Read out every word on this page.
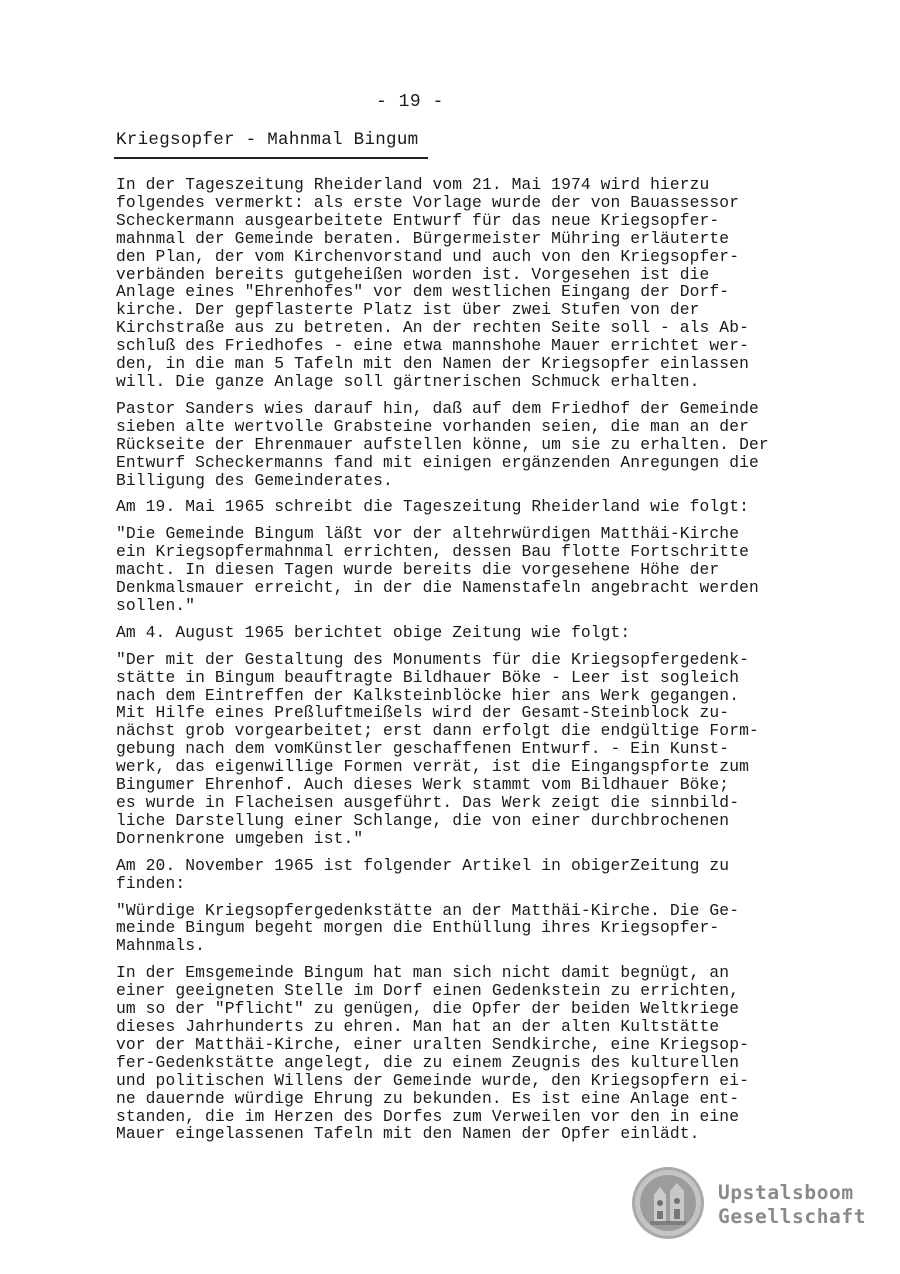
- 19 -
Kriegsopfer - Mahnmal Bingum

In der Tageszeitung Rheiderland vom 21. Mai 1974 wird hierzu
folgendes vermerkt: als erste Vorlage wurde der von Bauassessor
Scheckermann ausgearbeitete Entwurf für das neue Kriegsopfer-
mahnmal der Gemeinde beraten. Bürgermeister Mühring erläuterte
den Plan, der vom Kirchenvorstand und auch von den Kriegsopfer-
verbänden bereits gutgeheißen worden ist. Vorgesehen ist die
Anlage eines "Ehrenhofes" vor dem westlichen Eingang der Dorf-
kirche. Der gepflasterte Platz ist über zwei Stufen von der
Kirchstraße aus zu betreten. An der rechten Seite soll - als Ab-
schluß des Friedhofes - eine etwa mannshohe Mauer errichtet wer-
den, in die man 5 Tafeln mit den Namen der Kriegsopfer einlassen
will. Die ganze Anlage soll gärtnerischen Schmuck erhalten.

Pastor Sanders wies darauf hin, daß auf dem Friedhof der Gemeinde
sieben alte wertvolle Grabsteine vorhanden seien, die man an der
Rückseite der Ehrenmauer aufstellen könne, um sie zu erhalten. Der
Entwurf Scheckermanns fand mit einigen ergänzenden Anregungen die
Billigung des Gemeinderates.

Am 19. Mai 1965 schreibt die Tageszeitung Rheiderland wie folgt:

"Die Gemeinde Bingum läßt vor der altehrwürdigen Matthäi-Kirche
ein Kriegsopfermahnmal errichten, dessen Bau flotte Fortschritte
macht. In diesen Tagen wurde bereits die vorgesehene Höhe der
Denkmalsmauer erreicht, in der die Namenstafeln angebracht werden
sollen."

Am 4. August 1965 berichtet obige Zeitung wie folgt:

"Der mit der Gestaltung des Monuments für die Kriegsopfergedenk-
stätte in Bingum beauftragte Bildhauer Böke - Leer ist sogleich
nach dem Eintreffen der Kalksteinblöcke hier ans Werk gegangen.
Mit Hilfe eines Preßluftmeißels wird der Gesamt-Steinblock zu-
nächst grob vorgearbeitet; erst dann erfolgt die endgültige Form-
gebung nach dem vomKünstler geschaffenen Entwurf. - Ein Kunst-
werk, das eigenwillige Formen verrät, ist die Eingangspforte zum
Bingumer Ehrenhof. Auch dieses Werk stammt vom Bildhauer Böke;
es wurde in Flacheisen ausgeführt. Das Werk zeigt die sinnbild-
liche Darstellung einer Schlange, die von einer durchbrochenen
Dornenkrone umgeben ist."

Am 20. November 1965 ist folgender Artikel in obigerZeitung zu
finden:

"Würdige Kriegsopfergedenkstätte an der Matthäi-Kirche. Die Ge-
meinde Bingum begeht morgen die Enthüllung ihres Kriegsopfer-
Mahnmals.

In der Emsgemeinde Bingum hat man sich nicht damit begnügt, an
einer geeigneten Stelle im Dorf einen Gedenkstein zu errichten,
um so der "Pflicht" zu genügen, die Opfer der beiden Weltkriege
dieses Jahrhunderts zu ehren. Man hat an der alten Kultstätte
vor der Matthäi-Kirche, einer uralten Sendkirche, eine Kriegsop-
fer-Gedenkstätte angelegt, die zu einem Zeugnis des kulturellen
und politischen Willens der Gemeinde wurde, den Kriegsopfern ei-
ne dauernde würdige Ehrung zu bekunden. Es ist eine Anlage ent-
standen, die im Herzen des Dorfes zum Verweilen vor den in eine
Mauer eingelassenen Tafeln mit den Namen der Opfer einlädt.

Upstalsboom
Gesellschaft
